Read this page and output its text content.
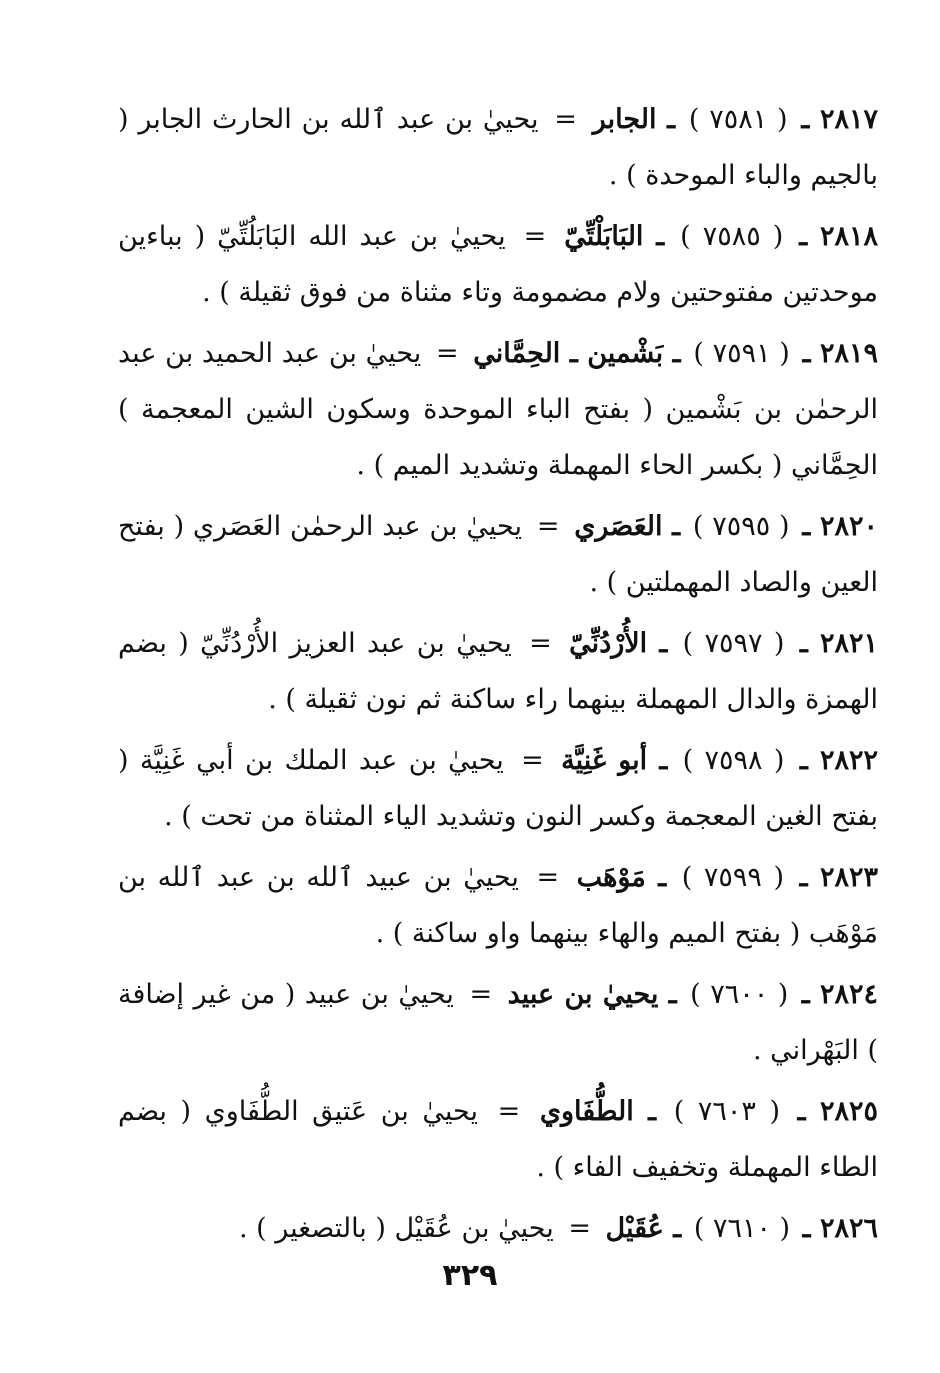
٢٨١٧ ـ ( ٧٥٨١ ) ـ الجابر = يحييٰ بن عبد ٱلله بن الحارث الجابر ( بالجيم والباء الموحدة ) .
٢٨١٨ ـ ( ٧٥٨٥ ) ـ البَابَلْتِّيّ = يحييٰ بن عبد الله البَابَلُتِّيّ ( بباءين موحدتين مفتوحتين ولام مضمومة وتاء مثناة من فوق ثقيلة ) .
٢٨١٩ ـ ( ٧٥٩١ ) ـ بَشْمين ـ الحِمَّاني = يحييٰ بن عبد الحميد بن عبد الرحمٰن بن بَشْمين ( بفتح الباء الموحدة وسكون الشين المعجمة ) الحِمَّاني ( بكسر الحاء المهملة وتشديد الميم ) .
٢٨٢٠ ـ ( ٧٥٩٥ ) ـ العَصَري = يحييٰ بن عبد الرحمٰن العَصَري ( بفتح العين والصاد المهملتين ) .
٢٨٢١ ـ ( ٧٥٩٧ ) ـ الأُرْدُنِّيّ = يحييٰ بن عبد العزيز الأُرْدُنِّيّ ( بضم الهمزة والدال المهملة بينهما راء ساكنة ثم نون ثقيلة ) .
٢٨٢٢ ـ ( ٧٥٩٨ ) ـ أبو غَنِيَّة = يحييٰ بن عبد الملك بن أبي غَنِيَّة ( بفتح الغين المعجمة وكسر النون وتشديد الياء المثناة من تحت ) .
٢٨٢٣ ـ ( ٧٥٩٩ ) ـ مَوْهَب = يحييٰ بن عبيد ٱلله بن عبد ٱلله بن مَوْهَب ( بفتح الميم والهاء بينهما واو ساكنة ) .
٢٨٢٤ ـ ( ٧٦٠٠ ) ـ يحييٰ بن عبيد = يحييٰ بن عبيد ( من غير إضافة ) البَهْراني .
٢٨٢٥ ـ ( ٧٦٠٣ ) ـ الطُّفَاوي = يحييٰ بن عَتيق الطُّفَاوي ( بضم الطاء المهملة وتخفيف الفاء ) .
٢٨٢٦ ـ ( ٧٦١٠ ) ـ عُقَيْل = يحييٰ بن عُقَيْل ( بالتصغير ) .
٣٢٩
